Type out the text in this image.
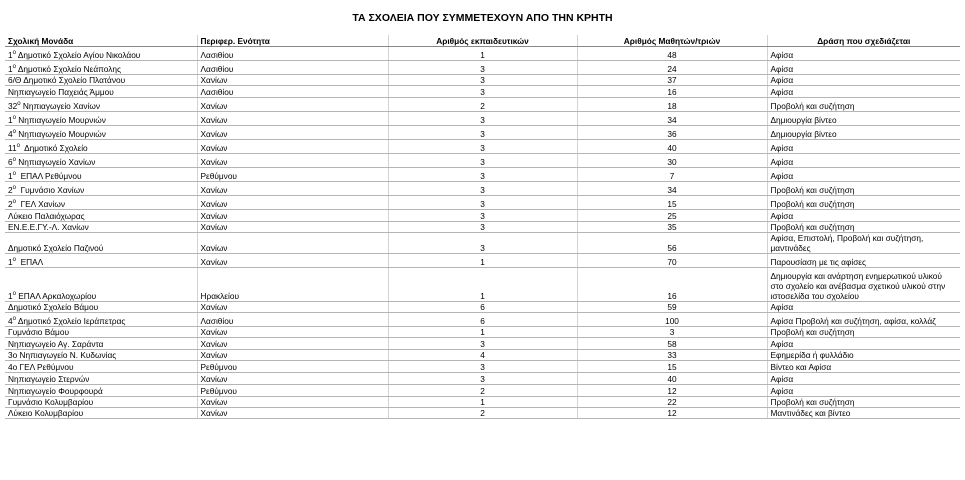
ΤΑ ΣΧΟΛΕΙΑ ΠΟΥ ΣΥΜΜΕΤΕΧΟΥΝ ΑΠΟ ΤΗΝ ΚΡΗΤΗ
Σχολική Μονάδα	Περιφερ. Ενότητα	Αριθμός εκπαιδευτικών	Αριθμός Μαθητών/τριών	Δράση που σχεδιάζεται
$1^o$ Δημοτικό Σχολείο Αγίου Νικολάου	Λασιθίου	1	48	Αφίσα
$1^o$ Δημοτικό Σχολείο Νεάπολης	Λασιθίου	3	24	Αφίσα
6/Θ Δημοτικό Σχολείο Πλατάνου	Χανίων	3	37	Αφίσα
Νηπιαγωγείο Παχειάς Άμμου	Λασιθίου	3	16	Αφίσα
$32^o$ Νηπιαγωγείο Χανίων	Χανίων	2	18	Προβολή και συζήτηση
$1^o$ Νηπιαγωγείο Μουρνιών	Χανίων	3	34	Δημιουργία βίντεο
$4^o$ Νηπιαγωγείο Μουρνιών	Χανίων	3	36	Δημιουργία βίντεο
$11^o$  Δημοτικό Σχολείο	Χανίων	3	40	Αφίσα
$6^o$ Νηπιαγωγείο Χανίων	Χανίων	3	30	Αφίσα
$1^o$  ΕΠΑΛ Ρεθύμνου	Ρεθύμνου	3	7	Αφίσα
$2^o$  Γυμνάσιο Χανίων	Χανίων	3	34	Προβολή και συζήτηση
$2^o$  ΓΕΛ Χανίων	Χανίων	3	15	Προβολή και συζήτηση
Λύκειο Παλαιόχωρας	Χανίων	3	25	Αφίσα
ΕΝ.Ε.Ε.ΓΥ.-Λ. Χανίων	Χανίων	3	35	Προβολή και συζήτηση
Δημοτικό Σχολείο Παζινού	Χανίων	3	56	Αφίσα, Επιστολή, Προβολή και συζήτηση, μαντινάδες
$1^o$  ΕΠΑΛ	Χανίων	1	70	Παρουσίαση με τις αφίσες
$1^o$ ΕΠΑΛ Αρκαλοχωρίου	Ηρακλείου	1	16	Δημιουργία και ανάρτηση ενημερωτικού υλικού στο σχολείο και ανέβασμα σχετικού υλικού στην ιστοσελίδα του σχολείου
Δημοτικό Σχολείο Βάμου	Χανίων	6	59	Αφίσα
$4^o$ Δημοτικό Σχολείο Ιεράπετρας	Λασιθίου	6	100	Αφίσα Προβολή και συζήτηση, αφίσα, κολλάζ
Γυμνάσιο Βάμου	Χανίων	1	3	Προβολή και συζήτηση
Νηπιαγωγείο Αγ. Σαράντα	Χανίων	3	58	Αφίσα
3ο Νηπιαγωγείο Ν. Κυδωνίας	Χανίων	4	33	Εφημερίδα ή φυλλάδιο
4ο ΓΕΛ Ρεθύμνου	Ρεθύμνου	3	15	Βίντεο και Αφίσα
Νηπιαγωγείο Στερνών	Χανίων	3	40	Αφίσα
Νηπιαγωγείο Φουρφουρά	Ρεθύμνου	2	12	Αφίσα
Γυμνάσιο Κολυμβαρίου	Χανίων	1	22	Προβολή και συζήτηση
Λύκειο Κολυμβαρίου	Χανίων	2	12	Μαντινάδες και βίντεο
